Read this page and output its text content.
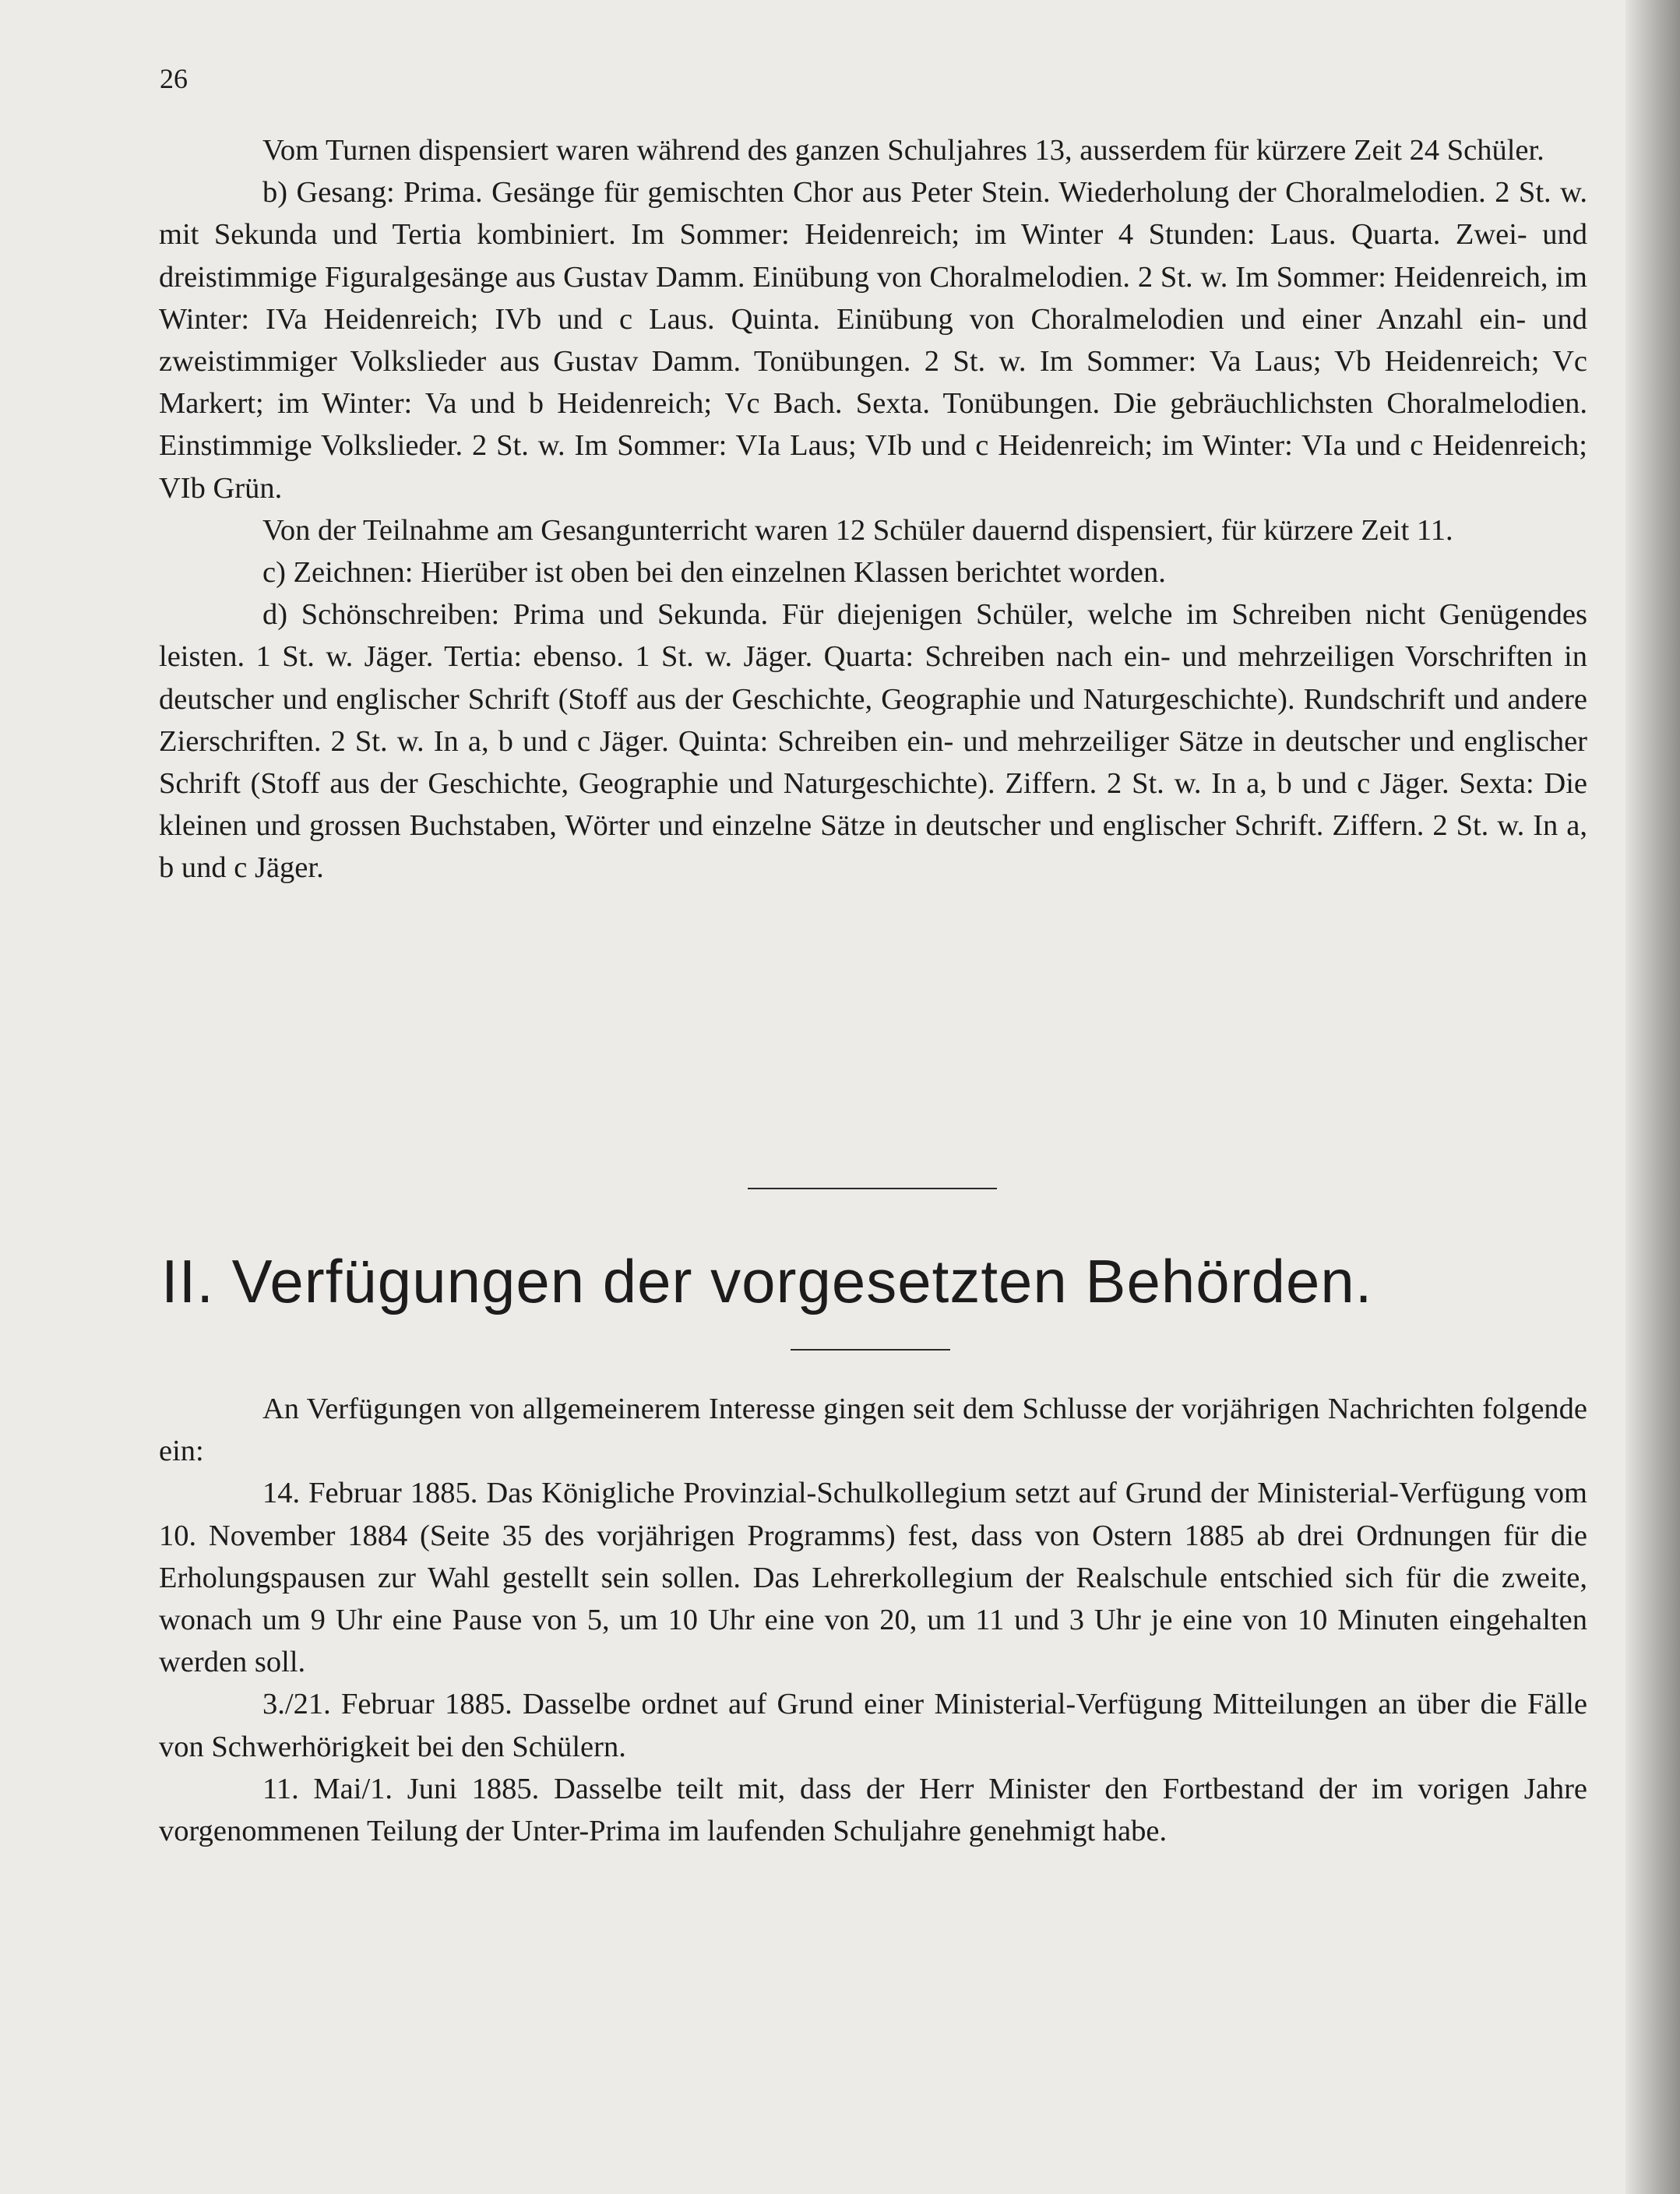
26

Vom Turnen dispensiert waren während des ganzen Schuljahres 13, ausserdem für kürzere Zeit 24 Schüler.

b) Gesang: Prima. Gesänge für gemischten Chor aus Peter Stein. Wiederholung der Choralmelodien. 2 St. w. mit Sekunda und Tertia kombiniert. Im Sommer: Heidenreich; im Winter 4 Stunden: Laus. Quarta. Zwei- und dreistimmige Figuralgesänge aus Gustav Damm. Einübung von Choralmelodien. 2 St. w. Im Sommer: Heidenreich, im Winter: IVa Heidenreich; IVb und c Laus. Quinta. Einübung von Choralmelodien und einer Anzahl ein- und zweistimmiger Volkslieder aus Gustav Damm. Tonübungen. 2 St. w. Im Sommer: Va Laus; Vb Heidenreich; Vc Markert; im Winter: Va und b Heidenreich; Vc Bach. Sexta. Tonübungen. Die gebräuchlichsten Choralmelodien. Einstimmige Volkslieder. 2 St. w. Im Sommer: VIa Laus; VIb und c Heidenreich; im Winter: VIa und c Heidenreich; VIb Grün.

Von der Teilnahme am Gesangunterricht waren 12 Schüler dauernd dispensiert, für kürzere Zeit 11.

c) Zeichnen: Hierüber ist oben bei den einzelnen Klassen berichtet worden.

d) Schönschreiben: Prima und Sekunda. Für diejenigen Schüler, welche im Schreiben nicht Genügendes leisten. 1 St. w. Jäger. Tertia: ebenso. 1 St. w. Jäger. Quarta: Schreiben nach ein- und mehrzeiligen Vorschriften in deutscher und englischer Schrift (Stoff aus der Geschichte, Geographie und Naturgeschichte). Rundschrift und andere Zierschriften. 2 St. w. In a, b und c Jäger. Quinta: Schreiben ein- und mehrzeiliger Sätze in deutscher und englischer Schrift (Stoff aus der Geschichte, Geographie und Naturgeschichte). Ziffern. 2 St. w. In a, b und c Jäger. Sexta: Die kleinen und grossen Buchstaben, Wörter und einzelne Sätze in deutscher und englischer Schrift. Ziffern. 2 St. w. In a, b und c Jäger.

II. Verfügungen der vorgesetzten Behörden.

An Verfügungen von allgemeinerem Interesse gingen seit dem Schlusse der vorjährigen Nachrichten folgende ein:

14. Februar 1885. Das Königliche Provinzial-Schulkollegium setzt auf Grund der Ministerial-Verfügung vom 10. November 1884 (Seite 35 des vorjährigen Programms) fest, dass von Ostern 1885 ab drei Ordnungen für die Erholungspausen zur Wahl gestellt sein sollen. Das Lehrerkollegium der Realschule entschied sich für die zweite, wonach um 9 Uhr eine Pause von 5, um 10 Uhr eine von 20, um 11 und 3 Uhr je eine von 10 Minuten eingehalten werden soll.

3./21. Februar 1885. Dasselbe ordnet auf Grund einer Ministerial-Verfügung Mitteilungen an über die Fälle von Schwerhörigkeit bei den Schülern.

11. Mai/1. Juni 1885. Dasselbe teilt mit, dass der Herr Minister den Fortbestand der im vorigen Jahre vorgenommenen Teilung der Unter-Prima im laufenden Schuljahre genehmigt habe.
